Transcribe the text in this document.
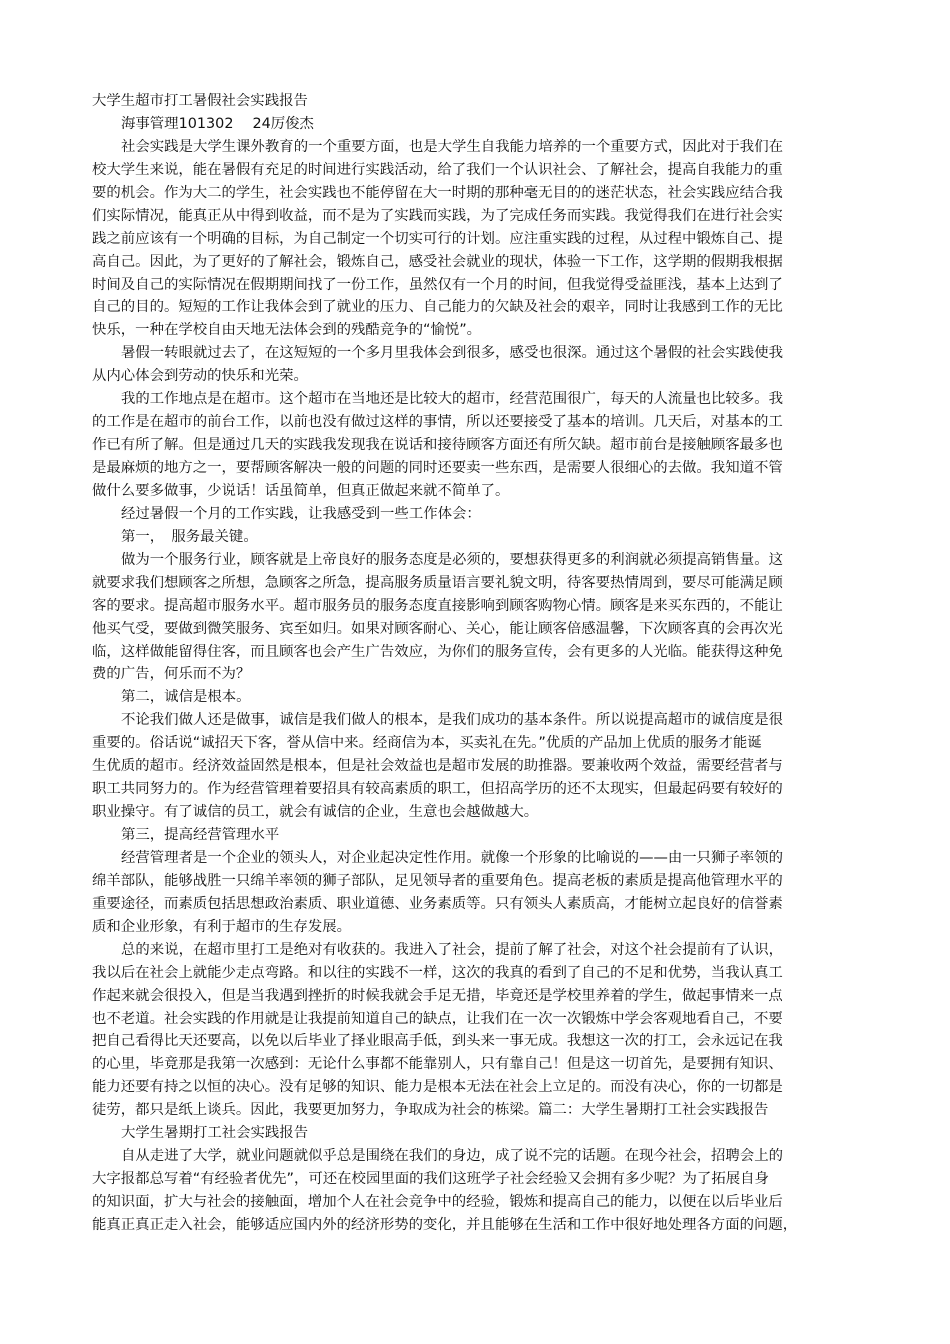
大学生超市打工暑假社会实践报告
海事管理101302　 24厉俊杰
社会实践是大学生课外教育的一个重要方面，也是大学生自我能力培养的一个重要方式，因此对于我们在
校大学生来说，能在暑假有充足的时间进行实践活动，给了我们一个认识社会、了解社会，提高自我能力的重
要的机会。作为大二的学生，社会实践也不能停留在大一时期的那种毫无目的的迷茫状态，社会实践应结合我
们实际情况，能真正从中得到收益，而不是为了实践而实践，为了完成任务而实践。我觉得我们在进行社会实
践之前应该有一个明确的目标，为自己制定一个切实可行的计划。应注重实践的过程，从过程中锻炼自己、提
高自己。因此，为了更好的了解社会，锻炼自己，感受社会就业的现状，体验一下工作，这学期的假期我根据
时间及自己的实际情况在假期期间找了一份工作，虽然仅有一个月的时间，但我觉得受益匪浅，基本上达到了
自己的目的。短短的工作让我体会到了就业的压力、自己能力的欠缺及社会的艰辛，同时让我感到工作的无比
快乐，一种在学校自由天地无法体会到的残酷竞争的“愉悦”。
暑假一转眼就过去了，在这短短的一个多月里我体会到很多，感受也很深。通过这个暑假的社会实践使我
从内心体会到劳动的快乐和光荣。
我的工作地点是在超市。这个超市在当地还是比较大的超市，经营范围很广，每天的人流量也比较多。我
的工作是在超市的前台工作，以前也没有做过这样的事情，所以还要接受了基本的培训。几天后，对基本的工
作已有所了解。但是通过几天的实践我发现我在说话和接待顾客方面还有所欠缺。超市前台是接触顾客最多也
是最麻烦的地方之一，要帮顾客解决一般的问题的同时还要卖一些东西，是需要人很细心的去做。我知道不管
做什么要多做事，少说话！话虽简单，但真正做起来就不简单了。
经过暑假一个月的工作实践，让我感受到一些工作体会：
第一，　服务最关键。
做为一个服务行业，顾客就是上帝良好的服务态度是必须的，要想获得更多的利润就必须提高销售量。这
就要求我们想顾客之所想，急顾客之所急，提高服务质量语言要礼貌文明，待客要热情周到，要尽可能满足顾
客的要求。提高超市服务水平。超市服务员的服务态度直接影响到顾客购物心情。顾客是来买东西的，不能让
他买气受，要做到微笑服务、宾至如归。如果对顾客耐心、关心，能让顾客倍感温馨，下次顾客真的会再次光
临，这样做能留得住客，而且顾客也会产生广告效应，为你们的服务宣传，会有更多的人光临。能获得这种免
费的广告，何乐而不为？
第二，诚信是根本。
不论我们做人还是做事，诚信是我们做人的根本，是我们成功的基本条件。所以说提高超市的诚信度是很
重要的。俗话说“诚招天下客，誉从信中来。经商信为本，买卖礼在先。”优质的产品加上优质的服务才能诞
生优质的超市。经济效益固然是根本，但是社会效益也是超市发展的助推器。要兼收两个效益，需要经营者与
职工共同努力的。作为经营管理着要招具有较高素质的职工，但招高学历的还不太现实，但最起码要有较好的
职业操守。有了诚信的员工，就会有诚信的企业，生意也会越做越大。
第三，提高经营管理水平
经营管理者是一个企业的领头人，对企业起决定性作用。就像一个形象的比喻说的——由一只狮子率领的
绵羊部队，能够战胜一只绵羊率领的狮子部队，足见领导者的重要角色。提高老板的素质是提高他管理水平的
重要途径，而素质包括思想政治素质、职业道德、业务素质等。只有领头人素质高，才能树立起良好的信誉素
质和企业形象，有利于超市的生存发展。
总的来说，在超市里打工是绝对有收获的。我进入了社会，提前了解了社会，对这个社会提前有了认识，
我以后在社会上就能少走点弯路。和以往的实践不一样，这次的我真的看到了自己的不足和优势，当我认真工
作起来就会很投入，但是当我遇到挫折的时候我就会手足无措，毕竟还是学校里养着的学生，做起事情来一点
也不老道。社会实践的作用就是让我提前知道自己的缺点，让我们在一次一次锻炼中学会客观地看自己，不要
把自己看得比天还要高，以免以后毕业了择业眼高手低，到头来一事无成。我想这一次的打工，会永远记在我
的心里，毕竟那是我第一次感到：无论什么事都不能靠别人，只有靠自己！但是这一切首先，是要拥有知识、
能力还要有持之以恒的决心。没有足够的知识、能力是根本无法在社会上立足的。而没有决心，你的一切都是
徒劳，都只是纸上谈兵。因此，我要更加努力，争取成为社会的栋梁。篇二：大学生暑期打工社会实践报告
大学生暑期打工社会实践报告
自从走进了大学，就业问题就似乎总是围绕在我们的身边，成了说不完的话题。在现今社会，招聘会上的
大字报都总写着“有经验者优先”，可还在校园里面的我们这班学子社会经验又会拥有多少呢？为了拓展自身
的知识面，扩大与社会的接触面，增加个人在社会竞争中的经验，锻炼和提高自己的能力，以便在以后毕业后
能真正真正走入社会，能够适应国内外的经济形势的变化，并且能够在生活和工作中很好地处理各方面的问题，
